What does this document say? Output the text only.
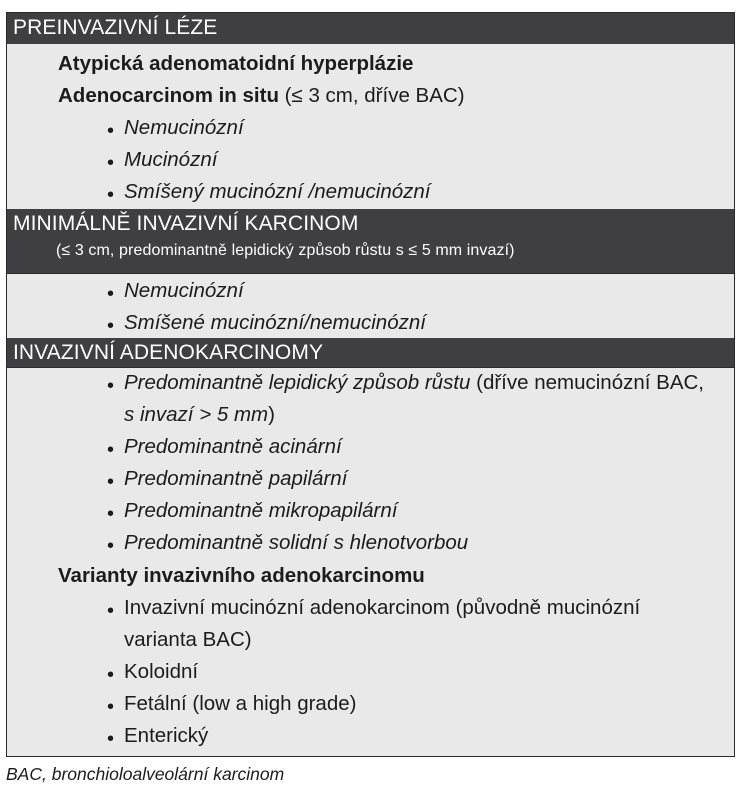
PREINVAZIVNÍ LÉZE
Atypická adenomatoidní hyperplázie
Adenocarcinom in situ (≤ 3 cm, dříve BAC)
• Nemucinózní
• Mucinózní
• Smíšený mucinózní /nemucinózní
MINIMÁLNĚ INVAZIVNÍ KARCINOM
(≤ 3 cm, predominantně lepidický způsob růstu s ≤ 5 mm invazí)
• Nemucinózní
• Smíšené mucinózní/nemucinózní
INVAZIVNÍ ADENOKARCINOMY
• Predominantně lepidický způsob růstu (dříve nemucinózní BAC,
s invazí > 5 mm)
• Predominantně acinární
• Predominantně papilární
• Predominantně mikropapilární
• Predominantně solidní s hlenotvorbou
Varianty invazivního adenokarcinomu
• Invazivní mucinózní adenokarcinom (původně mucinózní
varianta BAC)
• Koloidní
• Fetální (low a high grade)
• Enterický
BAC, bronchioloalveolární karcinom
